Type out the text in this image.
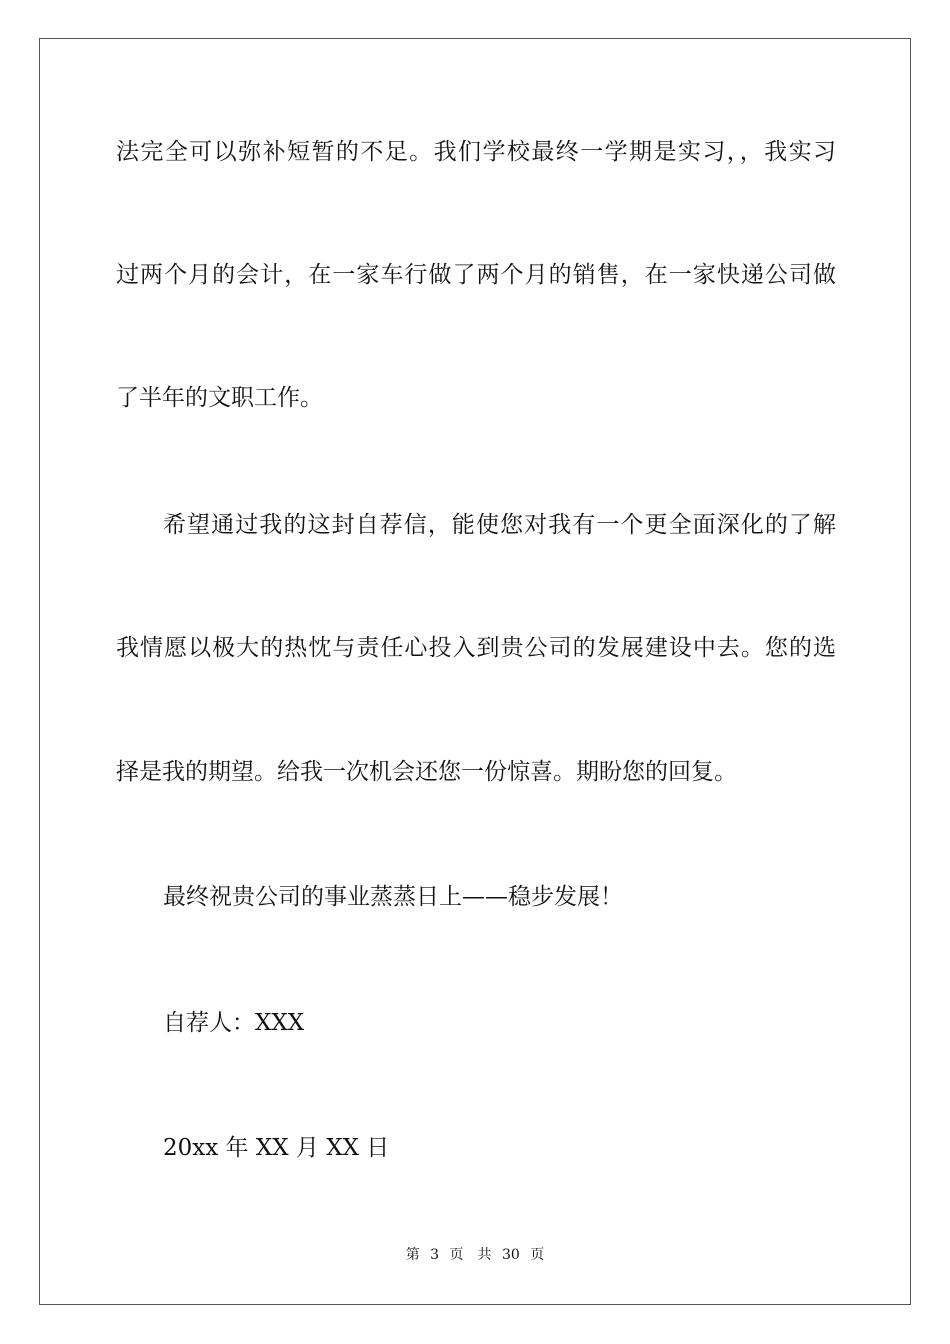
法完全可以弥补短暂的不足。我们学校最终一学期是实习，，我实习
过两个月的会计，在一家车行做了两个月的销售，在一家快递公司做
了半年的文职工作。
希望通过我的这封自荐信，能使您对我有一个更全面深化的了解
我情愿以极大的热忱与责任心投入到贵公司的发展建设中去。您的选
择是我的期望。给我一次机会还您一份惊喜。期盼您的回复。
最终祝贵公司的事业蒸蒸日上——稳步发展！
自荐人：XXX
20xx 年 XX 月 XX 日
第 3 页　共 30 页
